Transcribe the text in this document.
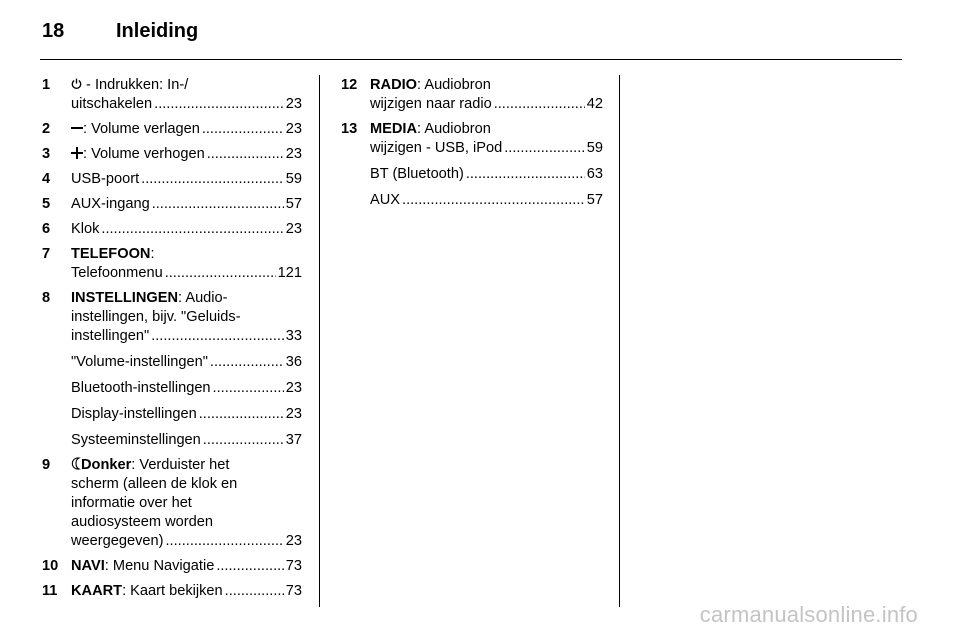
18	Inleiding
1	- Indrukken: In-/
uitschakelen .....	23
2	: Volume verlagen .....	23
3	: Volume verhogen .....	23
4 USB-poort .....	59
5 AUX-ingang .....	57
6 Klok .....	23
7 TELEFOON:
Telefoonmenu .....	121
8 INSTELLINGEN: Audio-
instellingen, bijv. "Geluids-
instellingen" .....	33
"Volume-instellingen" .....	36
Bluetooth-instellingen .....	23
Display-instellingen .....	23
Systeeminstellingen .....	37
9	Donker: Verduister het
scherm (alleen de klok en
informatie over het
audiosysteem worden
weergegeven) .....	23
10 NAVI: Menu Navigatie .....	73
11 KAART: Kaart bekijken .....	73
12 RADIO: Audiobron
wijzigen naar radio .....	42
13 MEDIA: Audiobron
wijzigen - USB, iPod .....	59
BT (Bluetooth) .....	63
AUX .....	57
carmanualsonline.info
